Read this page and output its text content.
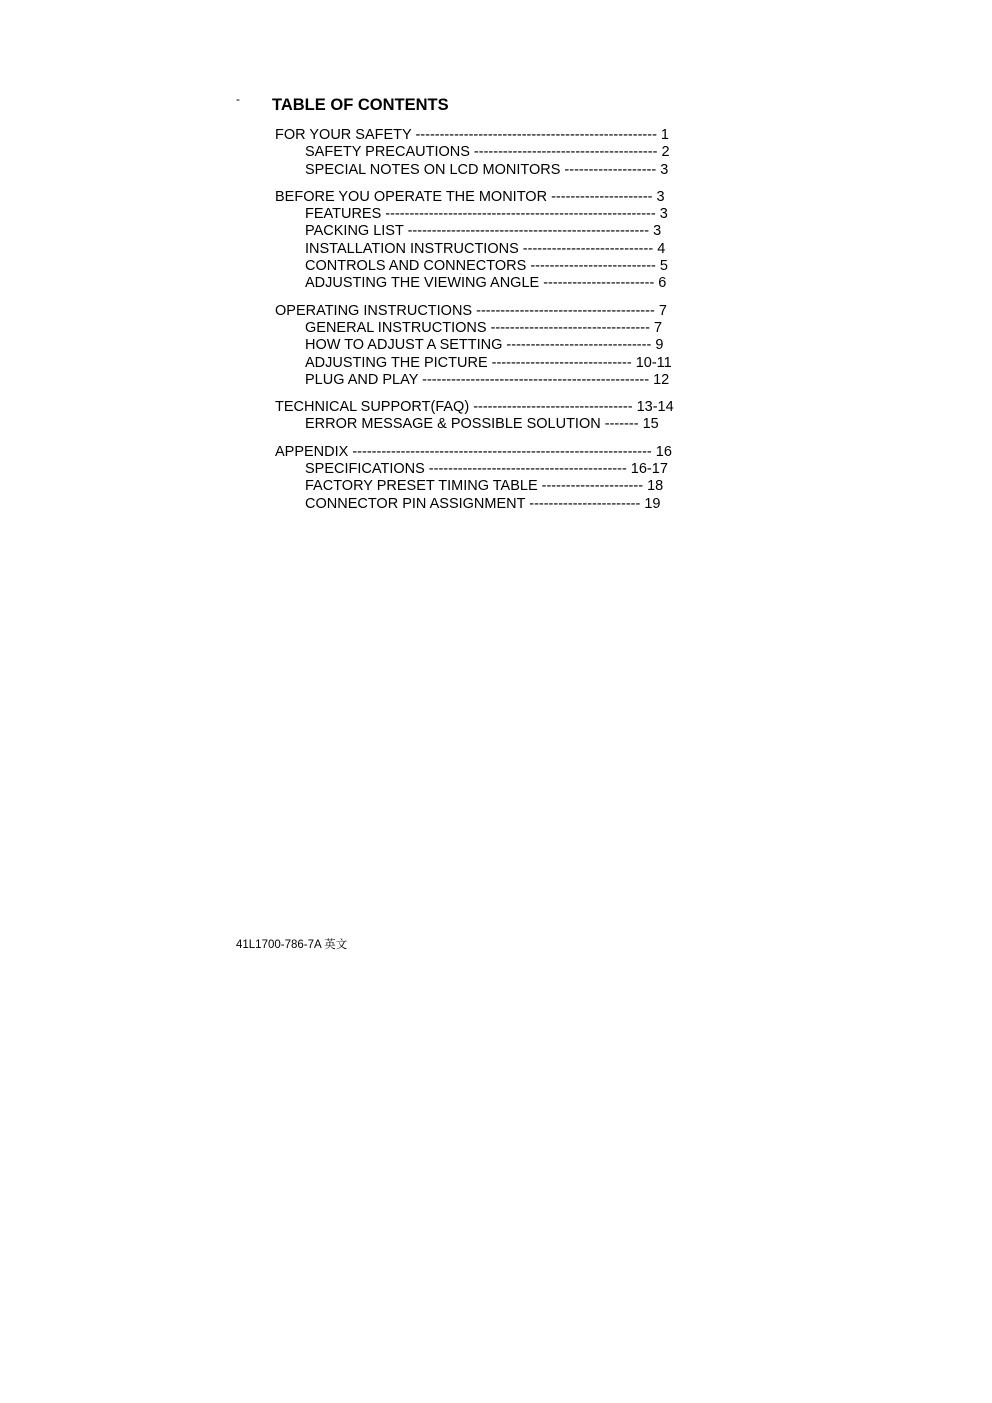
- TABLE OF CONTENTS
FOR YOUR SAFETY -------------------------------------------------- 1
SAFETY PRECAUTIONS -------------------------------------- 2
SPECIAL NOTES ON LCD MONITORS ------------------- 3
BEFORE YOU OPERATE THE MONITOR --------------------- 3
FEATURES -------------------------------------------------------- 3
PACKING LIST -------------------------------------------------- 3
INSTALLATION INSTRUCTIONS --------------------------- 4
CONTROLS AND CONNECTORS -------------------------- 5
ADJUSTING THE VIEWING ANGLE ----------------------- 6
OPERATING INSTRUCTIONS ------------------------------------- 7
GENERAL INSTRUCTIONS --------------------------------- 7
HOW TO ADJUST A SETTING ------------------------------ 9
ADJUSTING THE PICTURE ----------------------------- 10-11
PLUG AND PLAY ----------------------------------------------- 12
TECHNICAL SUPPORT(FAQ) --------------------------------- 13-14
ERROR MESSAGE & POSSIBLE SOLUTION ------- 15
APPENDIX -------------------------------------------------------------- 16
SPECIFICATIONS ----------------------------------------- 16-17
FACTORY PRESET TIMING TABLE --------------------- 18
CONNECTOR PIN ASSIGNMENT ----------------------- 19
41L1700-786-7A 英文
